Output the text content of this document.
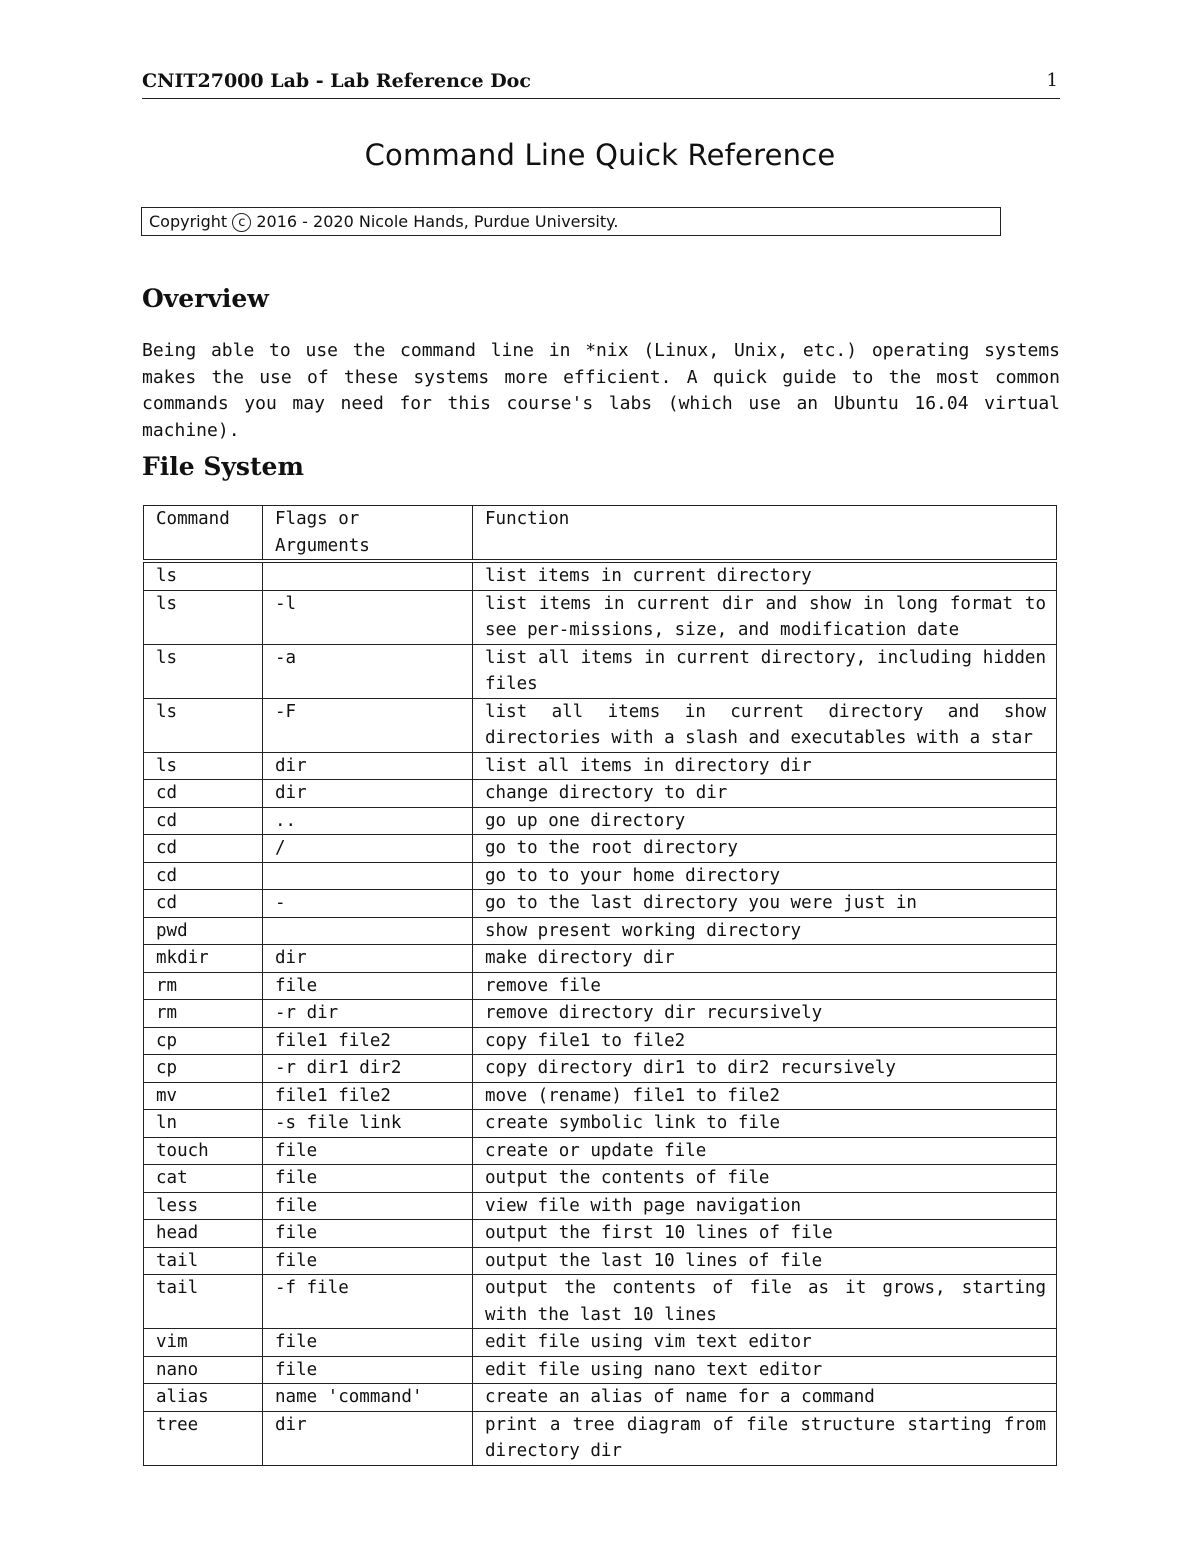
CNIT27000 Lab - Lab Reference Doc	1
Command Line Quick Reference
Copyright c 2016 - 2020 Nicole Hands, Purdue University.
Overview

Being able to use the command line in *nix (Linux, Unix, etc.) operating systems makes the use of these systems more efficient. A quick guide to the most common commands you may need for this course's labs (which use an Ubuntu 16.04 virtual machine).

File System
Command	Flags or Arguments	Function
ls		list items in current directory
ls	-l	list items in current dir and show in long format to see per-missions, size, and modification date
ls	-a	list all items in current directory, including hidden files
ls	-F	list all items in current directory and show directories with a slash and executables with a star
ls	dir	list all items in directory dir
cd	dir	change directory to dir
cd	..	go up one directory
cd	/	go to the root directory
cd		go to to your home directory
cd	-	go to the last directory you were just in
pwd		show present working directory
mkdir	dir	make directory dir
rm	file	remove file
rm	-r dir	remove directory dir recursively
cp	file1 file2	copy file1 to file2
cp	-r dir1 dir2	copy directory dir1 to dir2 recursively
mv	file1 file2	move (rename) file1 to file2
ln	-s file link	create symbolic link to file
touch	file	create or update file
cat	file	output the contents of file
less	file	view file with page navigation
head	file	output the first 10 lines of file
tail	file	output the last 10 lines of file
tail	-f file	output the contents of file as it grows, starting with the last 10 lines
vim	file	edit file using vim text editor
nano	file	edit file using nano text editor
alias	name 'command'	create an alias of name for a command
tree	dir	print a tree diagram of file structure starting from directory dir
